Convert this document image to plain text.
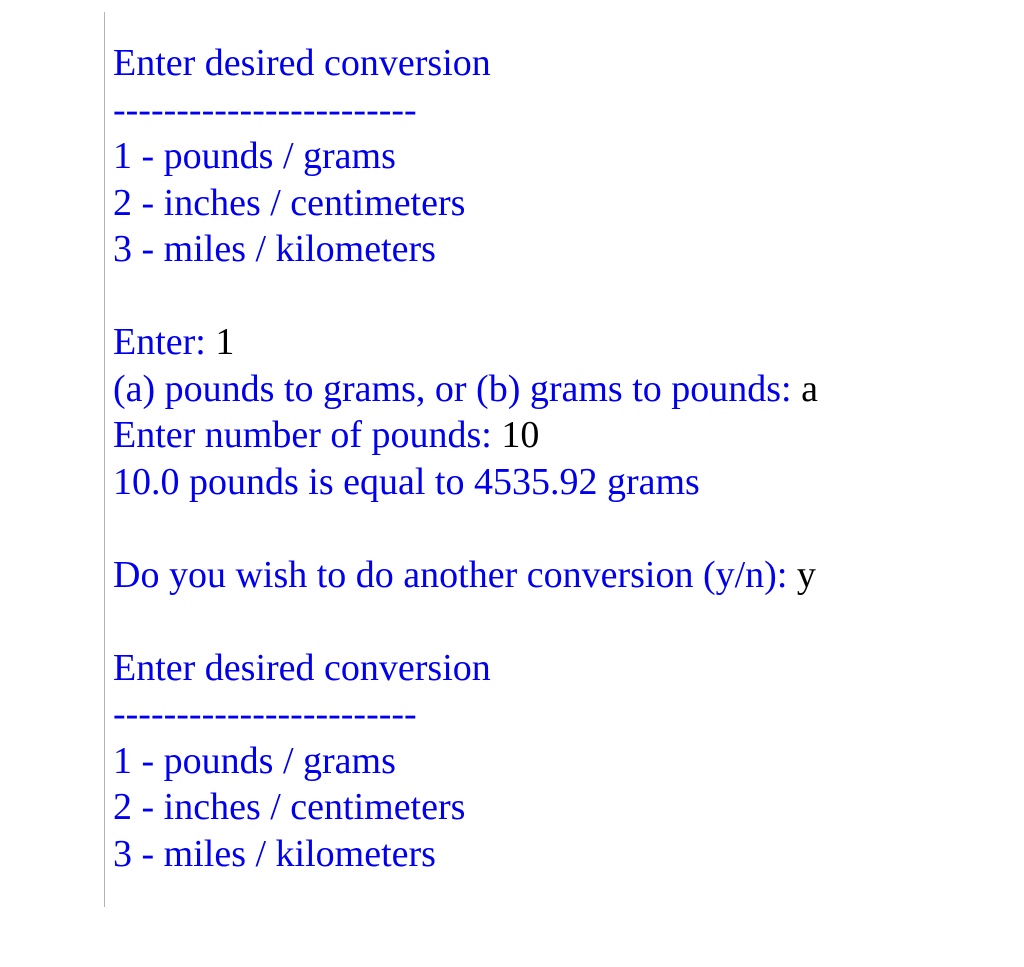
Enter desired conversion
------------------------
1 - pounds / grams
2 - inches / centimeters
3 - miles / kilometers

Enter: 1
(a) pounds to grams, or (b) grams to pounds: a
Enter number of pounds: 10
10.0 pounds is equal to 4535.92 grams

Do you wish to do another conversion (y/n): y

Enter desired conversion
------------------------
1 - pounds / grams
2 - inches / centimeters
3 - miles / kilometers
